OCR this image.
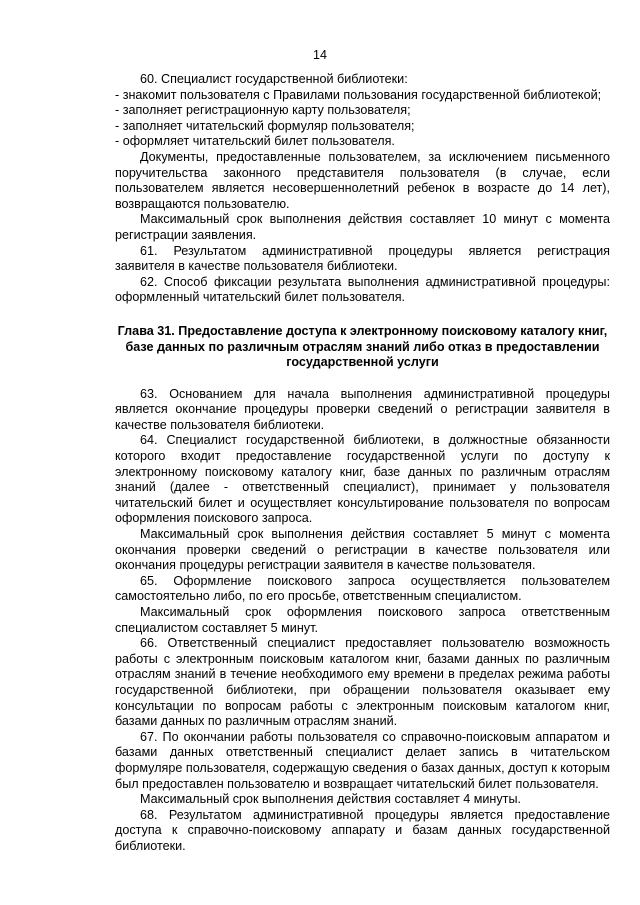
14

60. Специалист государственной библиотеки:

- знакомит пользователя с Правилами пользования государственной библиотекой;

- заполняет регистрационную карту пользователя;

- заполняет читательский формуляр пользователя;

- оформляет читательский билет пользователя.

Документы, предоставленные пользователем, за исключением письменного поручительства законного представителя пользователя (в случае, если пользователем является несовершеннолетний ребенок в возрасте до 14 лет), возвращаются пользователю.

Максимальный срок выполнения действия составляет 10 минут с момента регистрации заявления.

61. Результатом административной процедуры является регистрация заявителя в качестве пользователя библиотеки.

62. Способ фиксации результата выполнения административной процедуры: оформленный читательский билет пользователя.

Глава 31. Предоставление доступа к электронному поисковому каталогу книг, базе данных по различным отраслям знаний либо отказ в предоставлении государственной услуги

63. Основанием для начала выполнения административной процедуры является окончание процедуры проверки сведений о регистрации заявителя в качестве пользователя библиотеки.

64. Специалист государственной библиотеки, в должностные обязанности которого входит предоставление государственной услуги по доступу к электронному поисковому каталогу книг, базе данных по различным отраслям знаний (далее - ответственный специалист), принимает у пользователя читательский билет и осуществляет консультирование пользователя по вопросам оформления поискового запроса.

Максимальный срок выполнения действия составляет 5 минут с момента окончания проверки сведений о регистрации в качестве пользователя или окончания процедуры регистрации заявителя в качестве пользователя.

65. Оформление поискового запроса осуществляется пользователем самостоятельно либо, по его просьбе, ответственным специалистом.

Максимальный срок оформления поискового запроса ответственным специалистом составляет 5 минут.

66. Ответственный специалист предоставляет пользователю возможность работы с электронным поисковым каталогом книг, базами данных по различным отраслям знаний в течение необходимого ему времени в пределах режима работы государственной библиотеки, при обращении пользователя оказывает ему консультации по вопросам работы с электронным поисковым каталогом книг, базами данных по различным отраслям знаний.

67. По окончании работы пользователя со справочно-поисковым аппаратом и базами данных ответственный специалист делает запись в читательском формуляре пользователя, содержащую сведения о базах данных, доступ к которым был предоставлен пользователю и возвращает читательский билет пользователя.

Максимальный срок выполнения действия составляет 4 минуты.

68. Результатом административной процедуры является предоставление доступа к справочно-поисковому аппарату и базам данных государственной библиотеки.
